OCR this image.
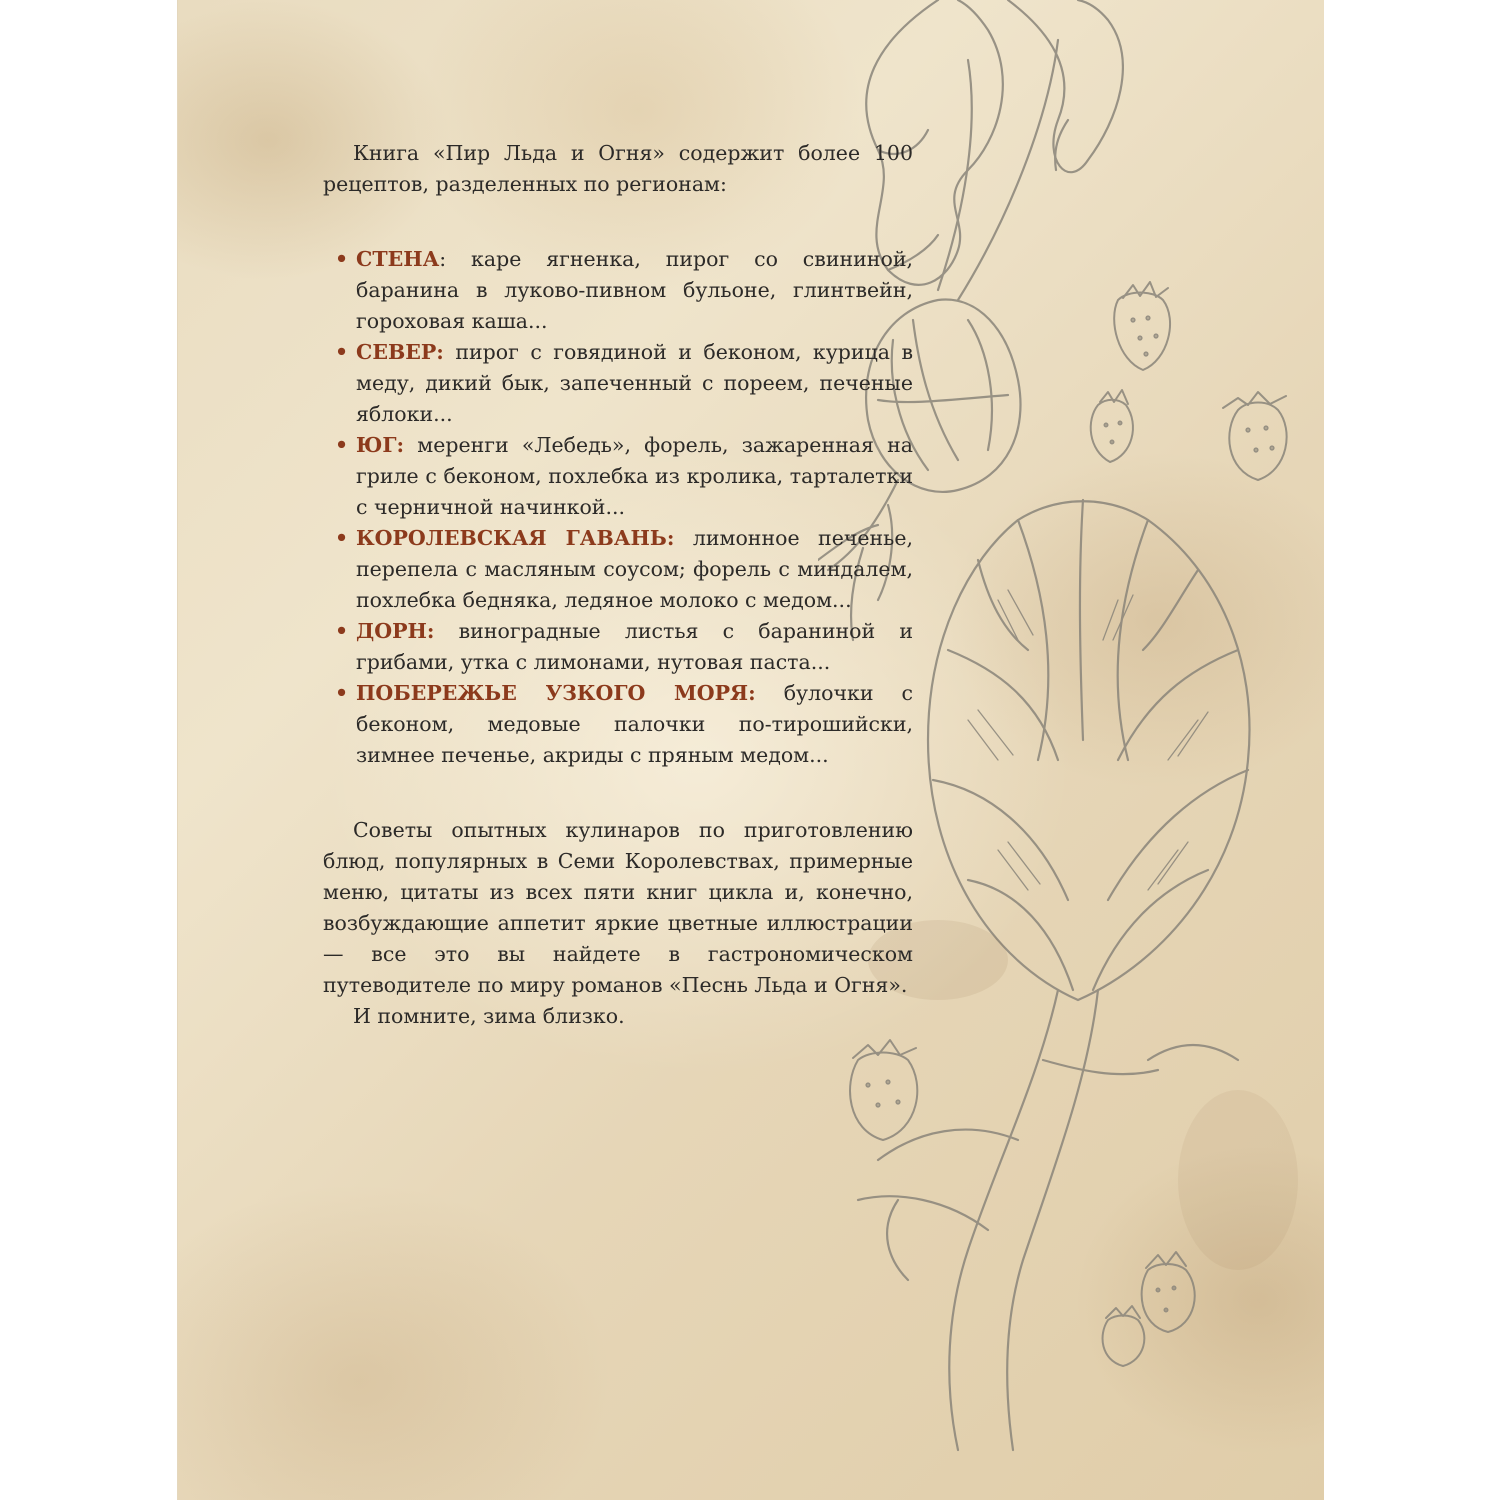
Книга «Пир Льда и Огня» содержит более 100 рецептов, разделенных по регионам:

• СТЕНА: каре ягненка, пирог со свининой, баранина в луково-пивном бульоне, глинтвейн, гороховая каша...
• СЕВЕР: пирог с говядиной и беконом, курица в меду, дикий бык, запеченный с пореем, печеные яблоки...
• ЮГ: меренги «Лебедь», форель, зажаренная на гриле с беконом, похлебка из кролика, тарталетки с черничной начинкой...
• КОРОЛЕВСКАЯ ГАВАНЬ: лимонное печенье, перепела с масляным соусом; форель с миндалем, похлебка бедняка, ледяное молоко с медом...
• ДОРН: виноградные листья с бараниной и грибами, утка с лимонами, нутовая паста...
• ПОБЕРЕЖЬЕ УЗКОГО МОРЯ: булочки с беконом, медовые палочки по-тирошийски, зимнее печенье, акриды с пряным медом...

Советы опытных кулинаров по приготовлению блюд, популярных в Семи Королевствах, примерные меню, цитаты из всех пяти книг цикла и, конечно, возбуждающие аппетит яркие цветные иллюстрации — все это вы найдете в гастрономическом путеводителе по миру романов «Песнь Льда и Огня».

И помните, зима близко.
